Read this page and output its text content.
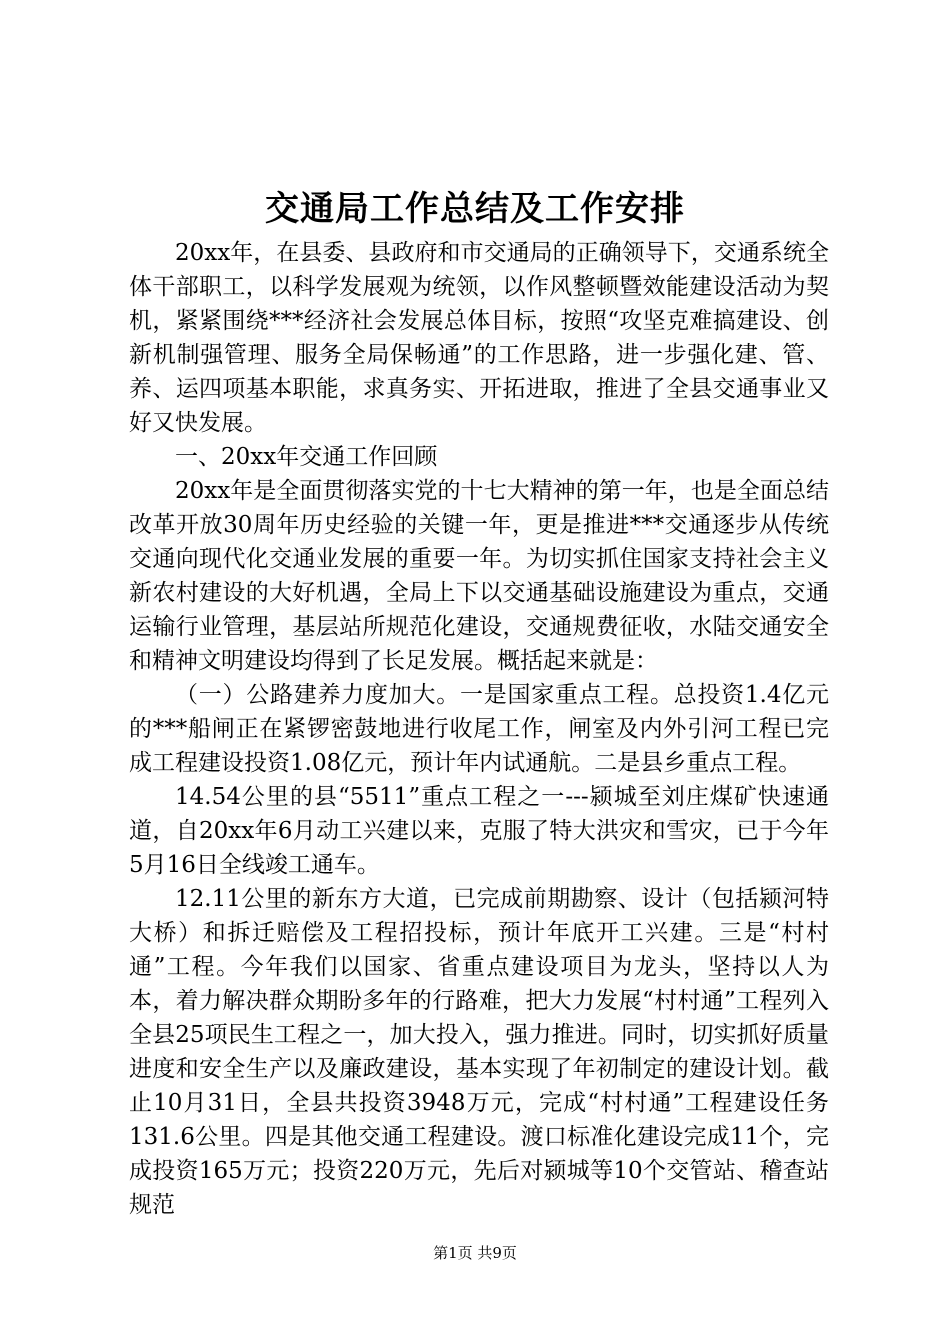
交通局工作总结及工作安排

20xx年，在县委、县政府和市交通局的正确领导下，交通系统全体干部职工，以科学发展观为统领，以作风整顿暨效能建设活动为契机，紧紧围绕***经济社会发展总体目标，按照“攻坚克难搞建设、创新机制强管理、服务全局保畅通”的工作思路，进一步强化建、管、养、运四项基本职能，求真务实、开拓进取，推进了全县交通事业又好又快发展。

一、20xx年交通工作回顾

20xx年是全面贯彻落实党的十七大精神的第一年，也是全面总结改革开放30周年历史经验的关键一年，更是推进***交通逐步从传统交通向现代化交通业发展的重要一年。为切实抓住国家支持社会主义新农村建设的大好机遇，全局上下以交通基础设施建设为重点，交通运输行业管理，基层站所规范化建设，交通规费征收，水陆交通安全和精神文明建设均得到了长足发展。概括起来就是：

（一）公路建养力度加大。一是国家重点工程。总投资1.4亿元的***船闸正在紧锣密鼓地进行收尾工作，闸室及内外引河工程已完成工程建设投资1.08亿元，预计年内试通航。二是县乡重点工程。

14.54公里的县“5511”重点工程之一---颍城至刘庄煤矿快速通道，自20xx年6月动工兴建以来，克服了特大洪灾和雪灾，已于今年5月16日全线竣工通车。

12.11公里的新东方大道，已完成前期勘察、设计（包括颍河特大桥）和拆迁赔偿及工程招投标，预计年底开工兴建。三是“村村通”工程。今年我们以国家、省重点建设项目为龙头，坚持以人为本，着力解决群众期盼多年的行路难，把大力发展“村村通”工程列入全县25项民生工程之一，加大投入，强力推进。同时，切实抓好质量进度和安全生产以及廉政建设，基本实现了年初制定的建设计划。截止10月31日，全县共投资3948万元，完成“村村通”工程建设任务131.6公里。四是其他交通工程建设。渡口标准化建设完成11个，完成投资165万元；投资220万元，先后对颍城等10个交管站、稽查站规范

第1页 共9页
